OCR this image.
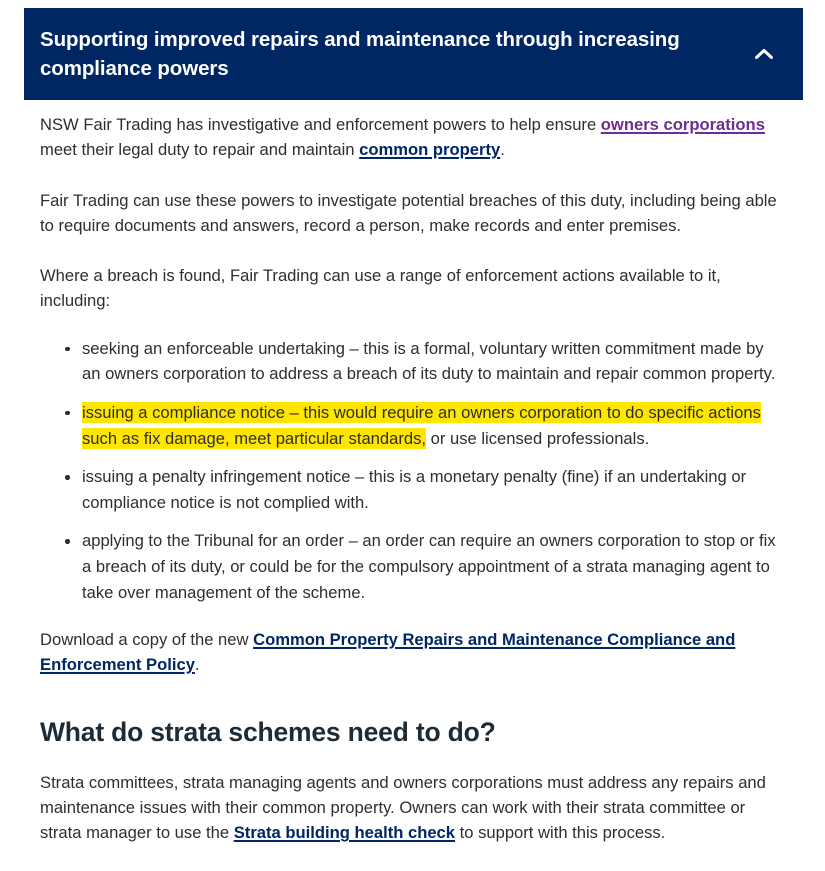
Supporting improved repairs and maintenance through increasing compliance powers

NSW Fair Trading has investigative and enforcement powers to help ensure owners corporations meet their legal duty to repair and maintain common property.

Fair Trading can use these powers to investigate potential breaches of this duty, including being able to require documents and answers, record a person, make records and enter premises.

Where a breach is found, Fair Trading can use a range of enforcement actions available to it, including:

seeking an enforceable undertaking – this is a formal, voluntary written commitment made by an owners corporation to address a breach of its duty to maintain and repair common property.
issuing a compliance notice – this would require an owners corporation to do specific actions such as fix damage, meet particular standards, or use licensed professionals.
issuing a penalty infringement notice – this is a monetary penalty (fine) if an undertaking or compliance notice is not complied with.
applying to the Tribunal for an order – an order can require an owners corporation to stop or fix a breach of its duty, or could be for the compulsory appointment of a strata managing agent to take over management of the scheme.

Download a copy of the new Common Property Repairs and Maintenance Compliance and Enforcement Policy.

What do strata schemes need to do?

Strata committees, strata managing agents and owners corporations must address any repairs and maintenance issues with their common property. Owners can work with their strata committee or strata manager to use the Strata building health check to support with this process.
